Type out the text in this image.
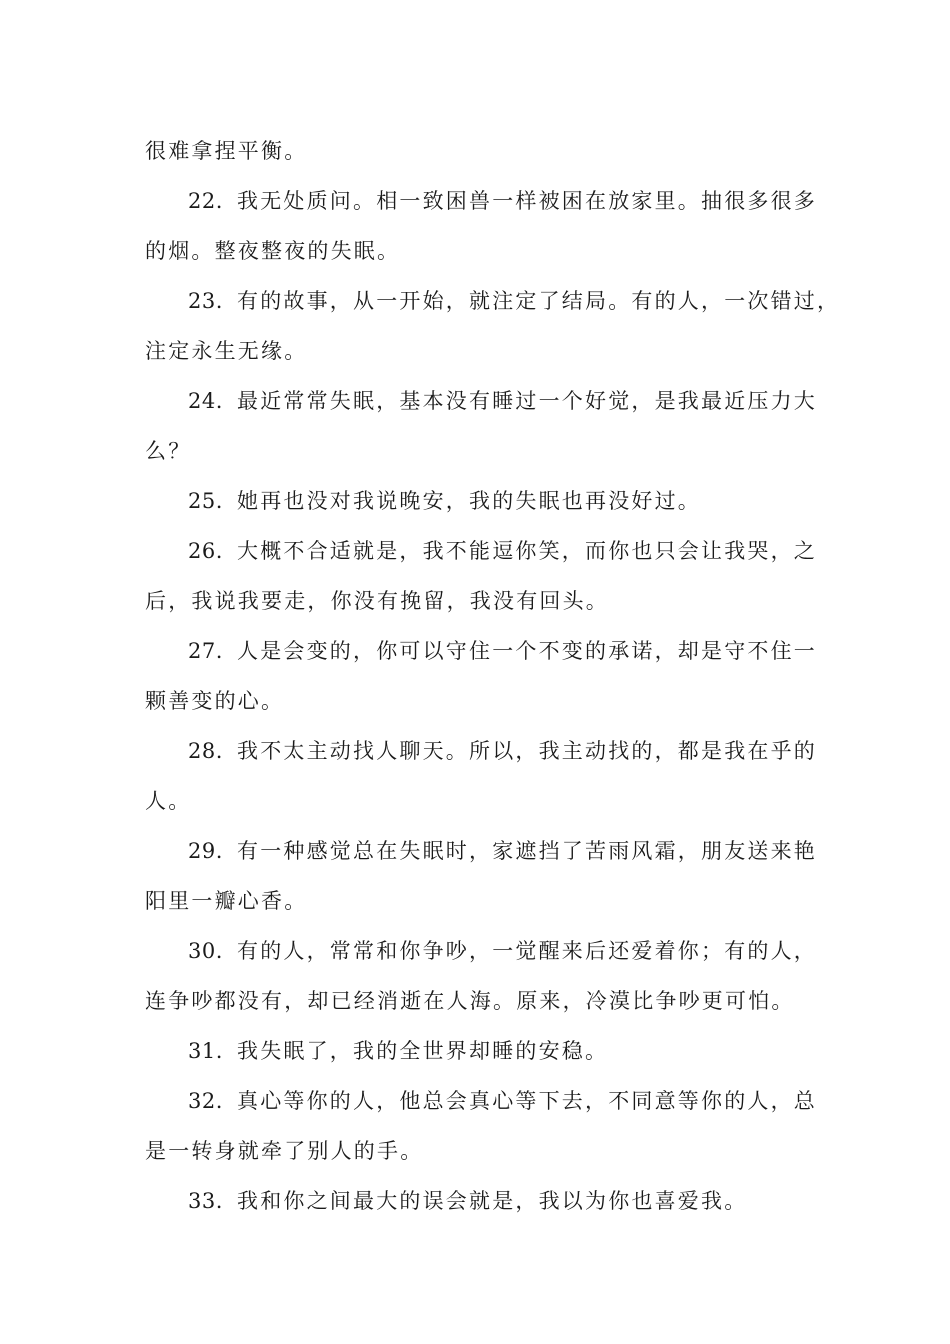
很难拿捏平衡。
22. 我无处质问。相一致困兽一样被困在放家里。抽很多很多
的烟。整夜整夜的失眠。
23. 有的故事，从一开始，就注定了结局。有的人，一次错过，
注定永生无缘。
24. 最近常常失眠，基本没有睡过一个好觉，是我最近压力大
么？
25. 她再也没对我说晚安，我的失眠也再没好过。
26. 大概不合适就是，我不能逗你笑，而你也只会让我哭，之
后，我说我要走，你没有挽留，我没有回头。
27. 人是会变的，你可以守住一个不变的承诺，却是守不住一
颗善变的心。
28. 我不太主动找人聊天。所以，我主动找的，都是我在乎的
人。
29. 有一种感觉总在失眠时，家遮挡了苦雨风霜，朋友送来艳
阳里一瓣心香。
30. 有的人，常常和你争吵，一觉醒来后还爱着你；有的人，
连争吵都没有，却已经消逝在人海。原来，冷漠比争吵更可怕。
31. 我失眠了，我的全世界却睡的安稳。
32. 真心等你的人，他总会真心等下去，不同意等你的人，总
是一转身就牵了别人的手。
33. 我和你之间最大的误会就是，我以为你也喜爱我。
